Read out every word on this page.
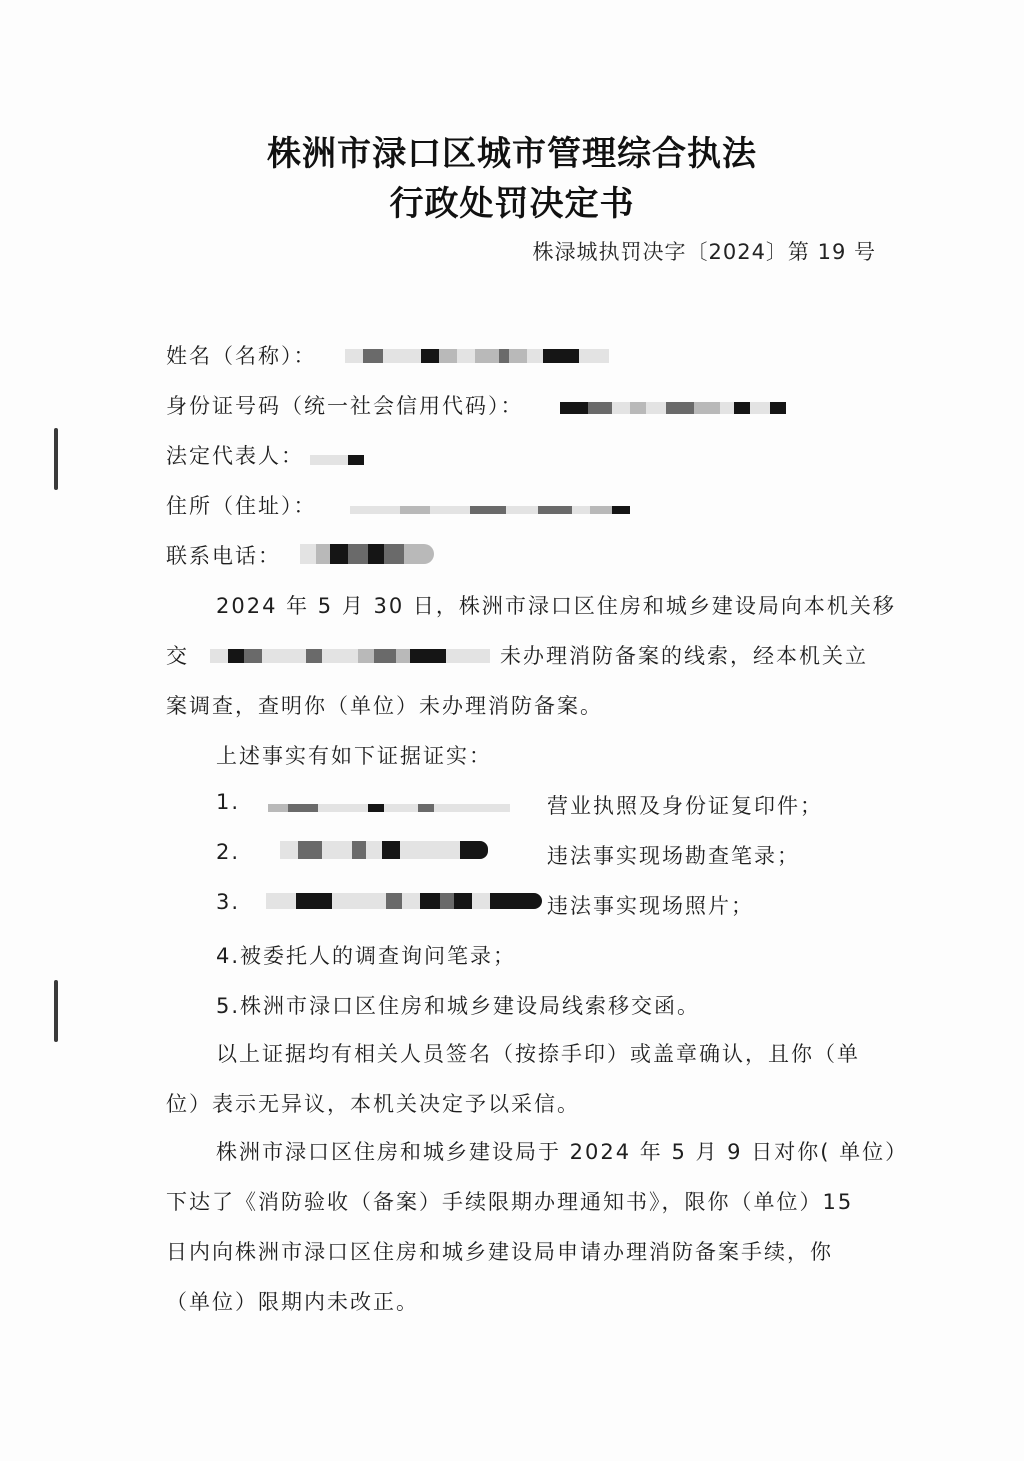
株洲市渌口区城市管理综合执法
行政处罚决定书
株渌城执罚决字〔2024〕第 19 号
姓名（名称）：
身份证号码（统一社会信用代码）：
法定代表人：
住所（住址）：
联系电话：
2024 年 5 月 30 日，株洲市渌口区住房和城乡建设局向本机关移
交	未办理消防备案的线索，经本机关立
案调查，查明你（单位）未办理消防备案。
上述事实有如下证据证实：
1.	营业执照及身份证复印件；
2.	违法事实现场勘查笔录；
3.	违法事实现场照片；
4.被委托人的调查询问笔录；
5.株洲市渌口区住房和城乡建设局线索移交函。
以上证据均有相关人员签名（按捺手印）或盖章确认，且你（单
位）表示无异议，本机关决定予以采信。
株洲市渌口区住房和城乡建设局于 2024 年 5 月 9 日对你( 单位）
下达了《消防验收（备案）手续限期办理通知书》，限你（单位）15
日内向株洲市渌口区住房和城乡建设局申请办理消防备案手续，你
（单位）限期内未改正。
